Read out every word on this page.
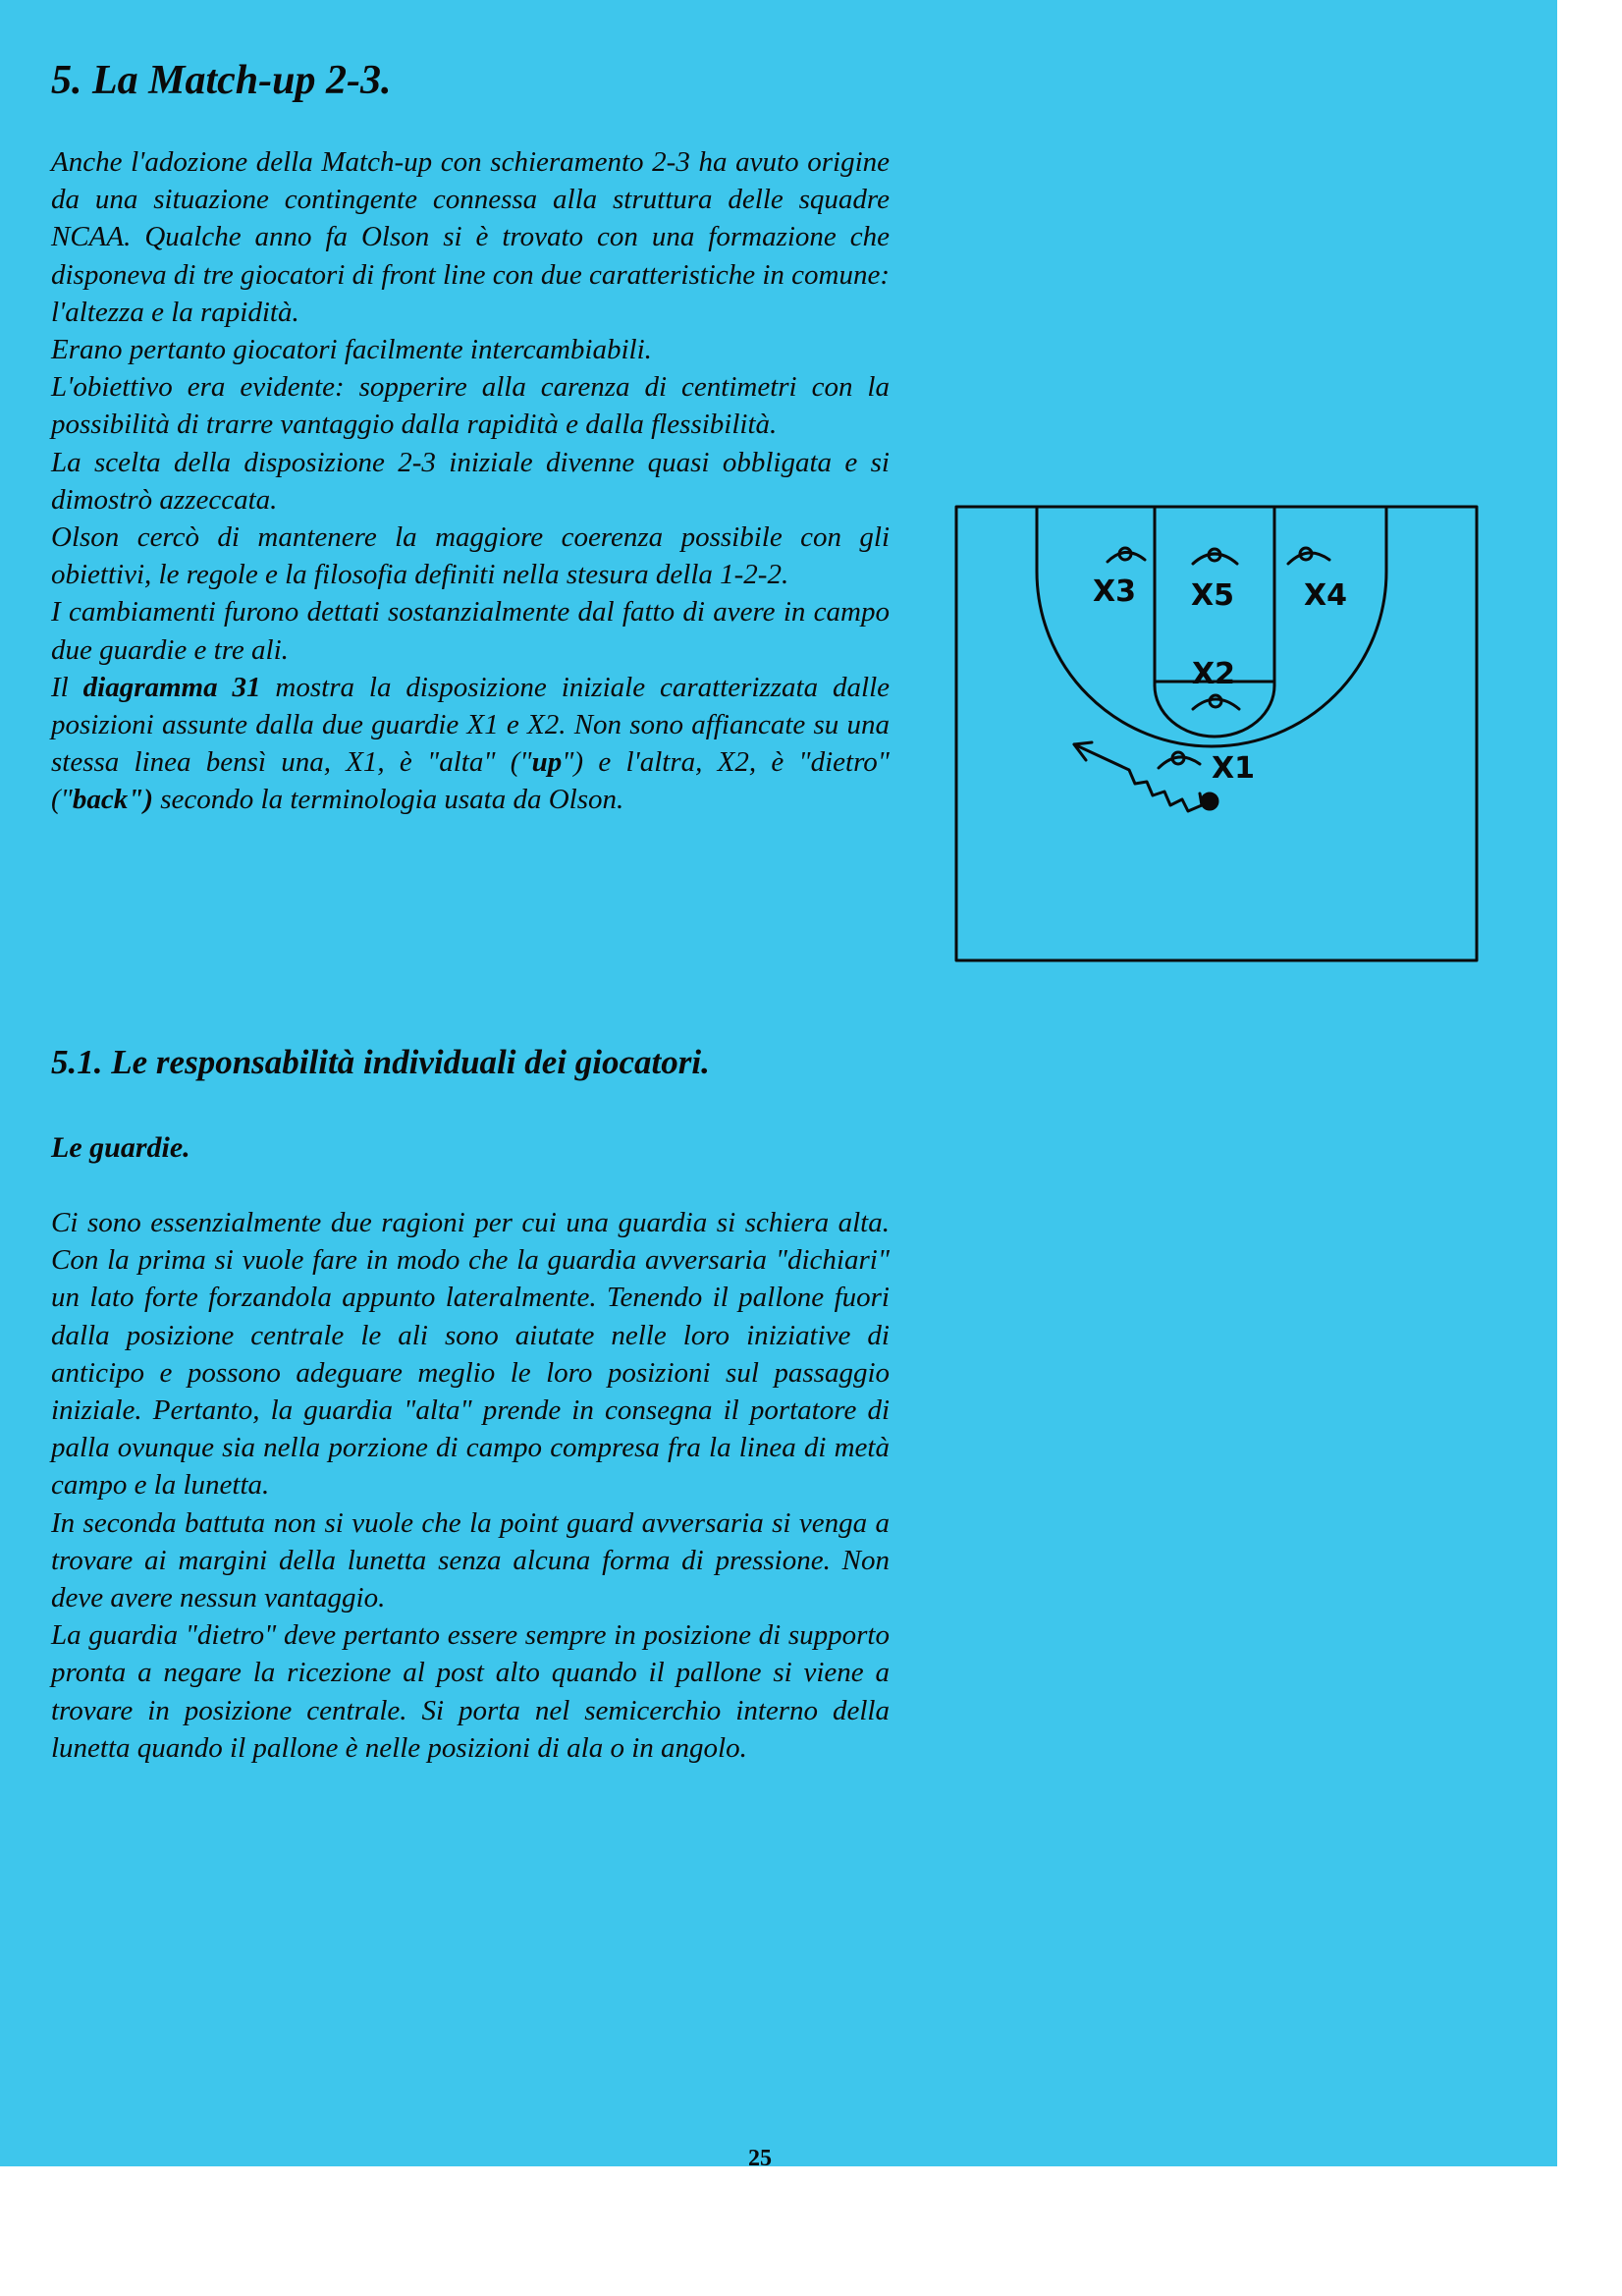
5. La Match-up 2-3.

Anche l'adozione della Match-up con schieramento 2-3 ha avuto origine da una situazione contingente connessa alla struttura delle squadre NCAA. Qualche anno fa Olson si è trovato con una formazione che disponeva di tre giocatori di front line con due caratteristiche in comune: l'altezza e la rapidità.

Erano pertanto giocatori facilmente intercambiabili.

L'obiettivo era evidente: sopperire alla carenza di centimetri con la possibilità di trarre vantaggio dalla rapidità e dalla flessibilità.

La scelta della disposizione 2-3 iniziale divenne quasi obbligata e si dimostrò azzeccata.

Olson cercò di mantenere la maggiore coerenza possibile con gli obiettivi, le regole e la filosofia definiti nella stesura della 1-2-2.

I cambiamenti furono dettati sostanzialmente dal fatto di avere in campo due guardie e tre ali.

Il diagramma 31 mostra la disposizione iniziale caratterizzata dalle posizioni assunte dalla due guardie X1 e X2. Non sono affiancate su una stessa linea bensì una, X1, è "alta" ("up") e l'altra, X2, è "dietro" ("back") secondo la terminologia usata da Olson.

X3 X5 X4
X2
X1
5.1. Le responsabilità individuali dei giocatori.
Le guardie.

Ci sono essenzialmente due ragioni per cui una guardia si schiera alta. Con la prima si vuole fare in modo che la guardia avversaria "dichiari" un lato forte forzandola appunto lateralmente. Tenendo il pallone fuori dalla posizione centrale le ali sono aiutate nelle loro iniziative di anticipo e possono adeguare meglio le loro posizioni sul passaggio iniziale. Pertanto, la guardia "alta" prende in consegna il portatore di palla ovunque sia nella porzione di campo compresa fra la linea di metà campo e la lunetta.

In seconda battuta non si vuole che la point guard avversaria si venga a trovare ai margini della lunetta senza alcuna forma di pressione. Non deve avere nessun vantaggio.

La guardia "dietro" deve pertanto essere sempre in posizione di supporto pronta a negare la ricezione al post alto quando il pallone si viene a trovare in posizione centrale. Si porta nel semicerchio interno della lunetta quando il pallone è nelle posizioni di ala o in angolo.

25
